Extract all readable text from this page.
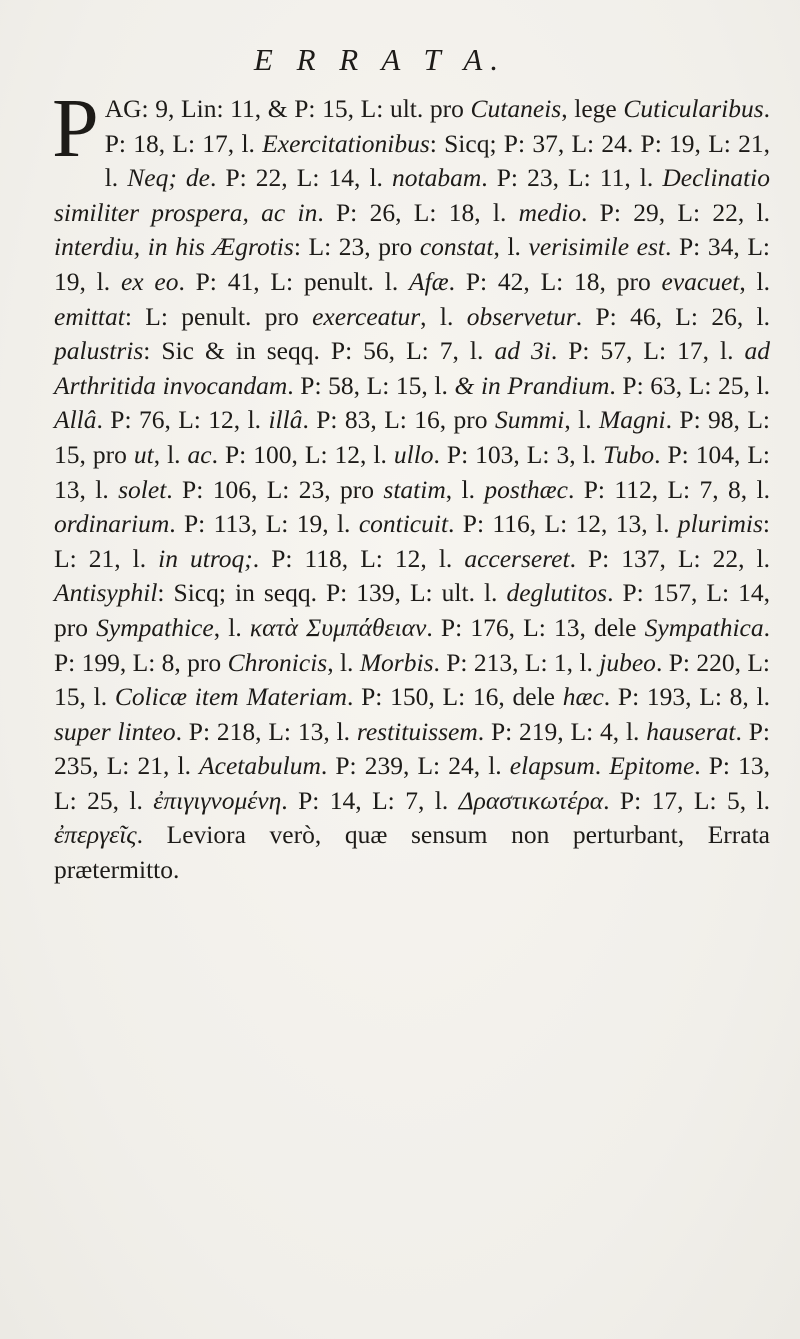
E R R A T A.
P AG: 9, Lin: 11, & P: 15, L: ult. pro Cutaneis, lege Cuticularibus. P: 18, L: 17, l. Exercitationibus: Sicq; P: 37, L: 24. P: 19, L: 21, l. Neq; de. P: 22, L: 14, l. notabam. P: 23, L: 11, l. Declinatio similiter prospera, ac in. P: 26, L: 18, l. medio. P: 29, L: 22, l. interdiu, in his Ægrotis: L: 23, pro constat, l. verisimile est. P: 34, L: 19, l. ex eo. P: 41, L: penult. l. Afæ. P: 42, L: 18, pro evacuet, l. emittat: L: penult. pro exerceatur, l. observetur. P: 46, L: 26, l. palustris: Sic & in seqq. P: 56, L: 7, l. ad 3i. P: 57, L: 17, l. ad Arthritida invocandam. P: 58, L: 15, l. & in Prandium. P: 63, L: 25, l. Allâ. P: 76, L: 12, l. illâ. P: 83, L: 16, pro Summi, l. Magni. P: 98, L: 15, pro ut, l. ac. P: 100, L: 12, l. ullo. P: 103, L: 3, l. Tubo. P: 104, L: 13, l. solet. P: 106, L: 23, pro statim, l. posthæc. P: 112, L: 7, 8, l. ordinarium. P: 113, L: 19, l. conticuit. P: 116, L: 12, 13, l. plurimis: L: 21, l. in utroq;. P: 118, L: 12, l. accerseret. P: 137, L: 22, l. Antisyphil: Sicq; in seqq. P: 139, L: ult. l. deglutitos. P: 157, L: 14, pro Sympathice, l. κατὰ Συμπάθειαν. P: 176, L: 13, dele Sympathica. P: 199, L: 8, pro Chronicis, l. Morbis. P: 213, L: 1, l. jubeo. P: 220, L: 15, l. Colicæ item Materiam. P: 150, L: 16, dele hæc. P: 193, L: 8, l. super linteo. P: 218, L: 13, l. restituissem. P: 219, L: 4, l. hauserat. P: 235, L: 21, l. Acetabulum. P: 239, L: 24, l. elapsum. Epitome. P: 13, L: 25, l. ἐπιγιγνομένη. P: 14, L: 7, l. Δραστικωτέρα. P: 17, L: 5, l. ἐπεργεῖς. Leviora verò, quæ sensum non perturbant, Errata prætermitto.
